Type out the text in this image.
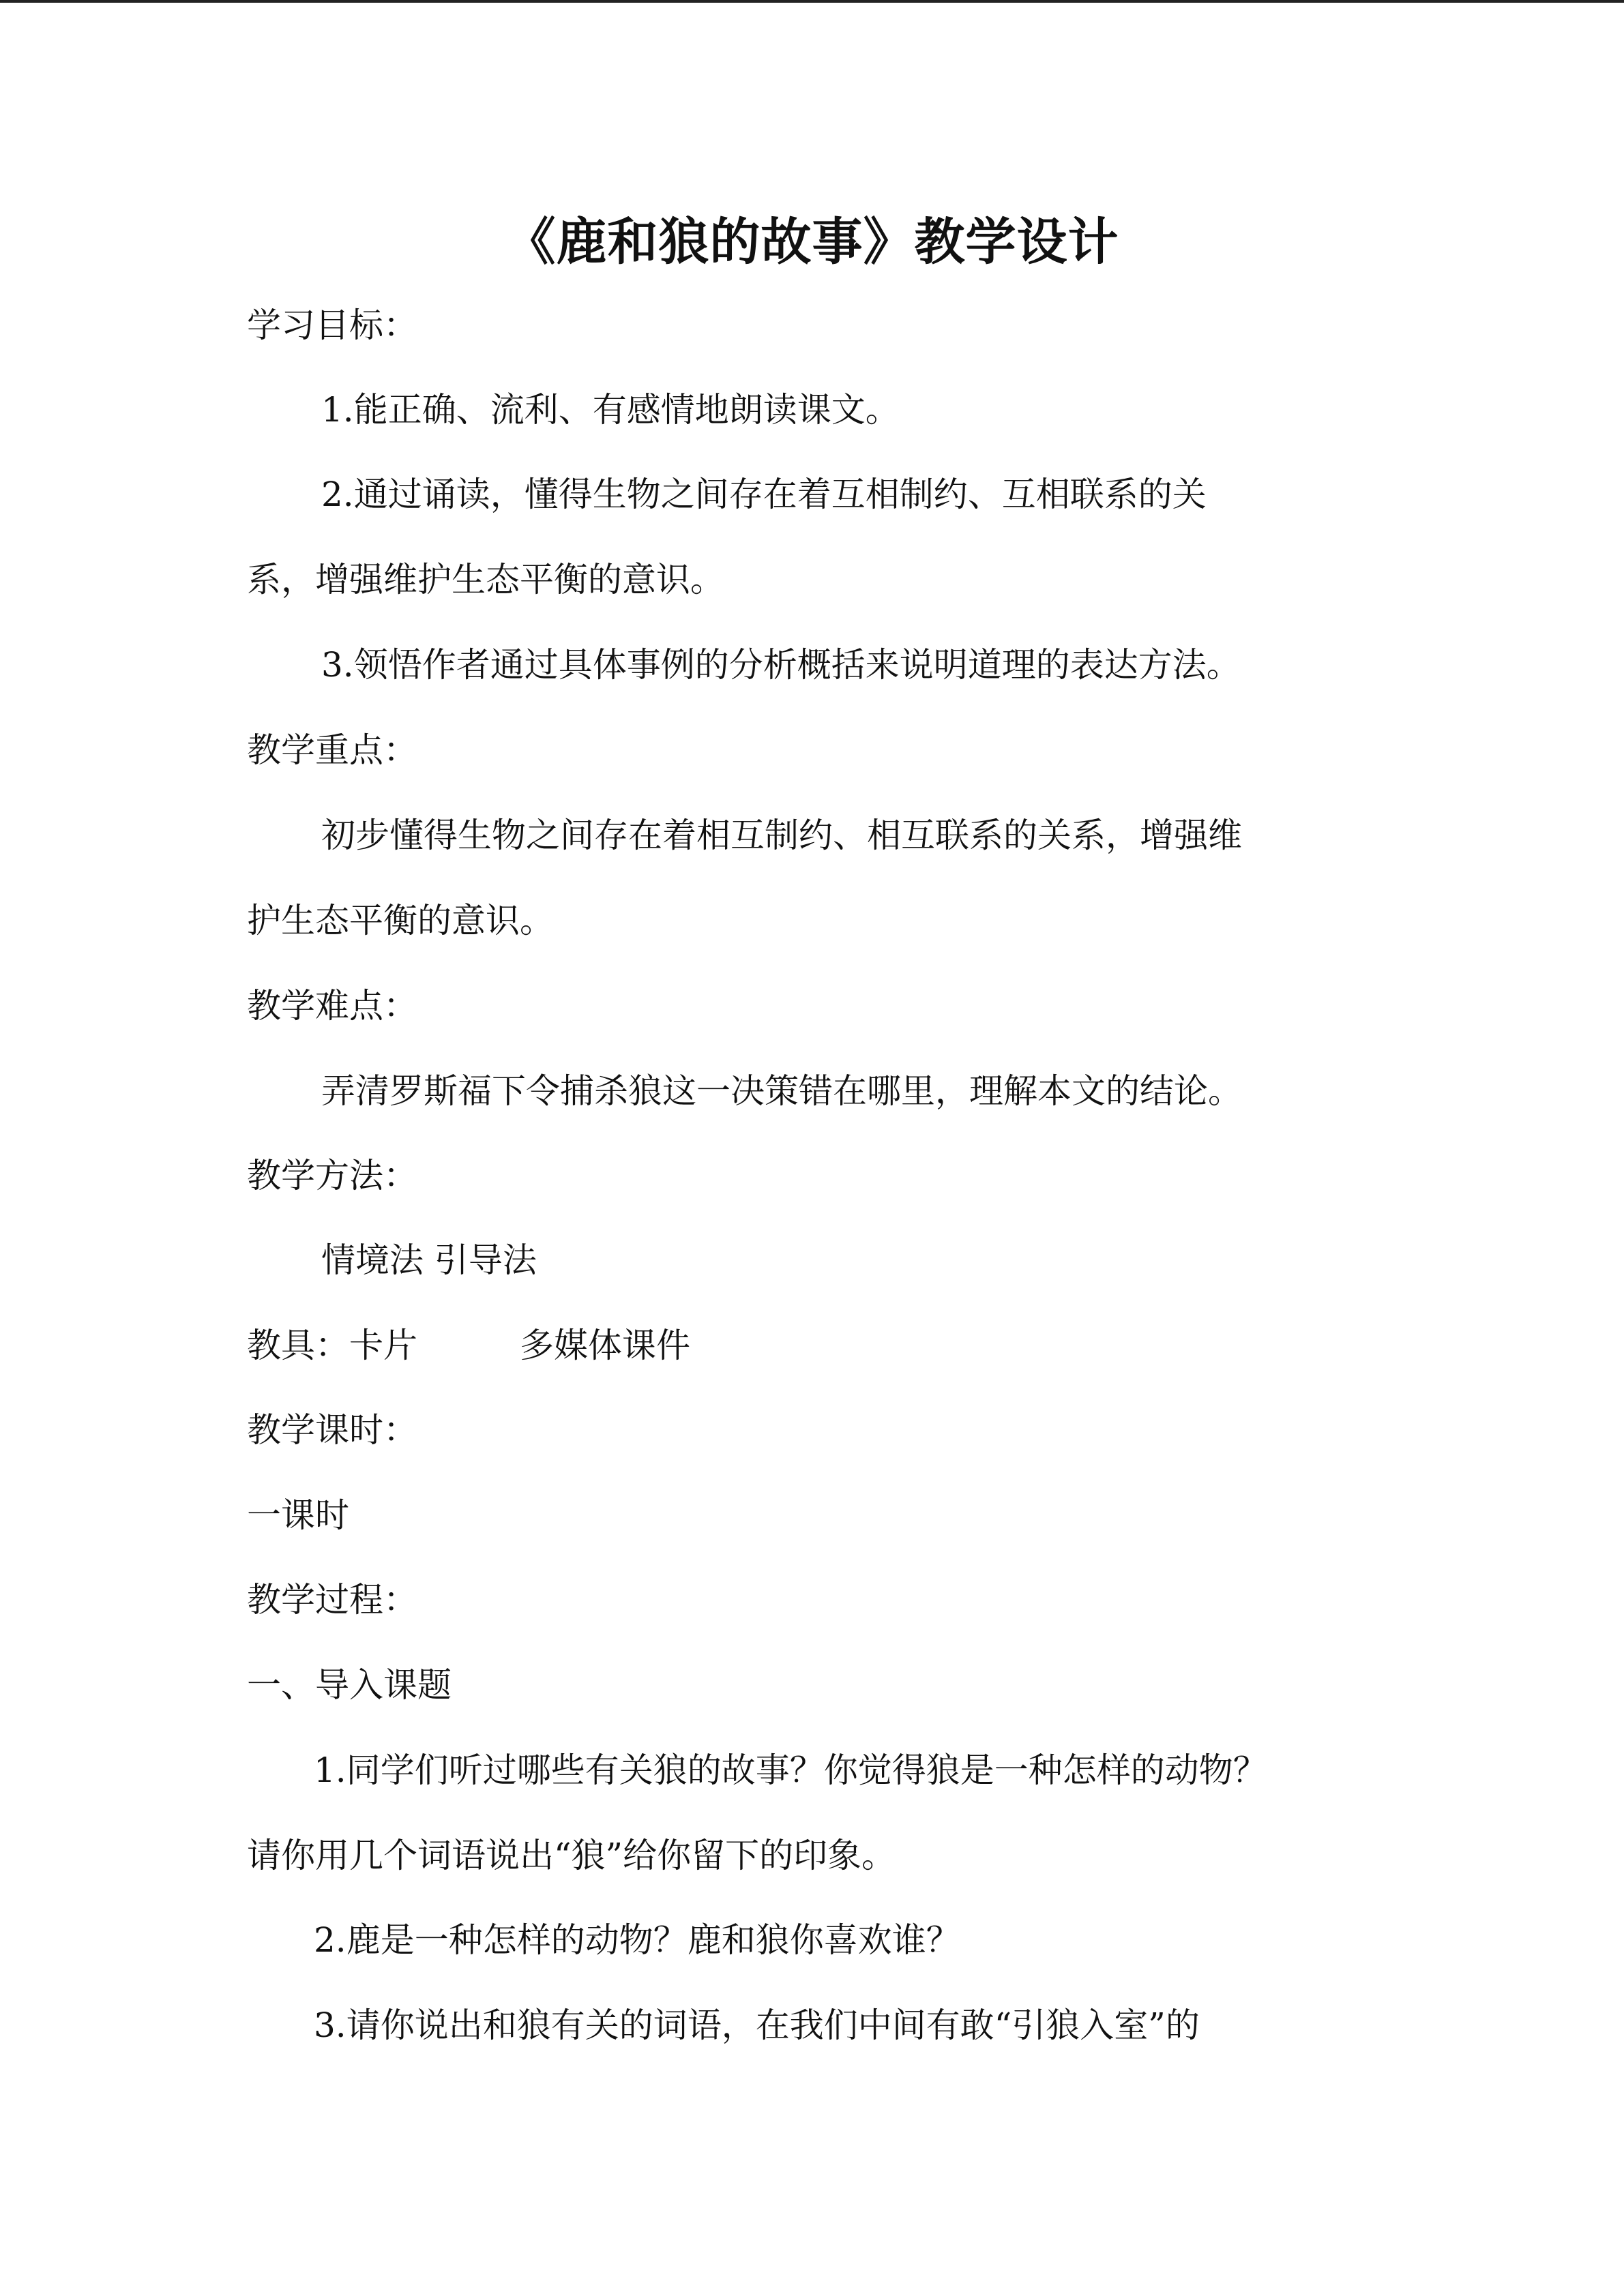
《鹿和狼的故事》教学设计
学习目标：
1.能正确、流利、有感情地朗读课文。
2.通过诵读，懂得生物之间存在着互相制约、互相联系的关
系，增强维护生态平衡的意识。
3.领悟作者通过具体事例的分析概括来说明道理的表达方法。
教学重点：
初步懂得生物之间存在着相互制约、相互联系的关系，增强维
护生态平衡的意识。
教学难点：
弄清罗斯福下令捕杀狼这一决策错在哪里，理解本文的结论。
教学方法：
情境法 引导法
教具：卡片	多媒体课件
教学课时：
一课时
教学过程：
一、导入课题
1.同学们听过哪些有关狼的故事？你觉得狼是一种怎样的动物？
请你用几个词语说出“狼”给你留下的印象。
2.鹿是一种怎样的动物？鹿和狼你喜欢谁？
3.请你说出和狼有关的词语，在我们中间有敢“引狼入室”的
